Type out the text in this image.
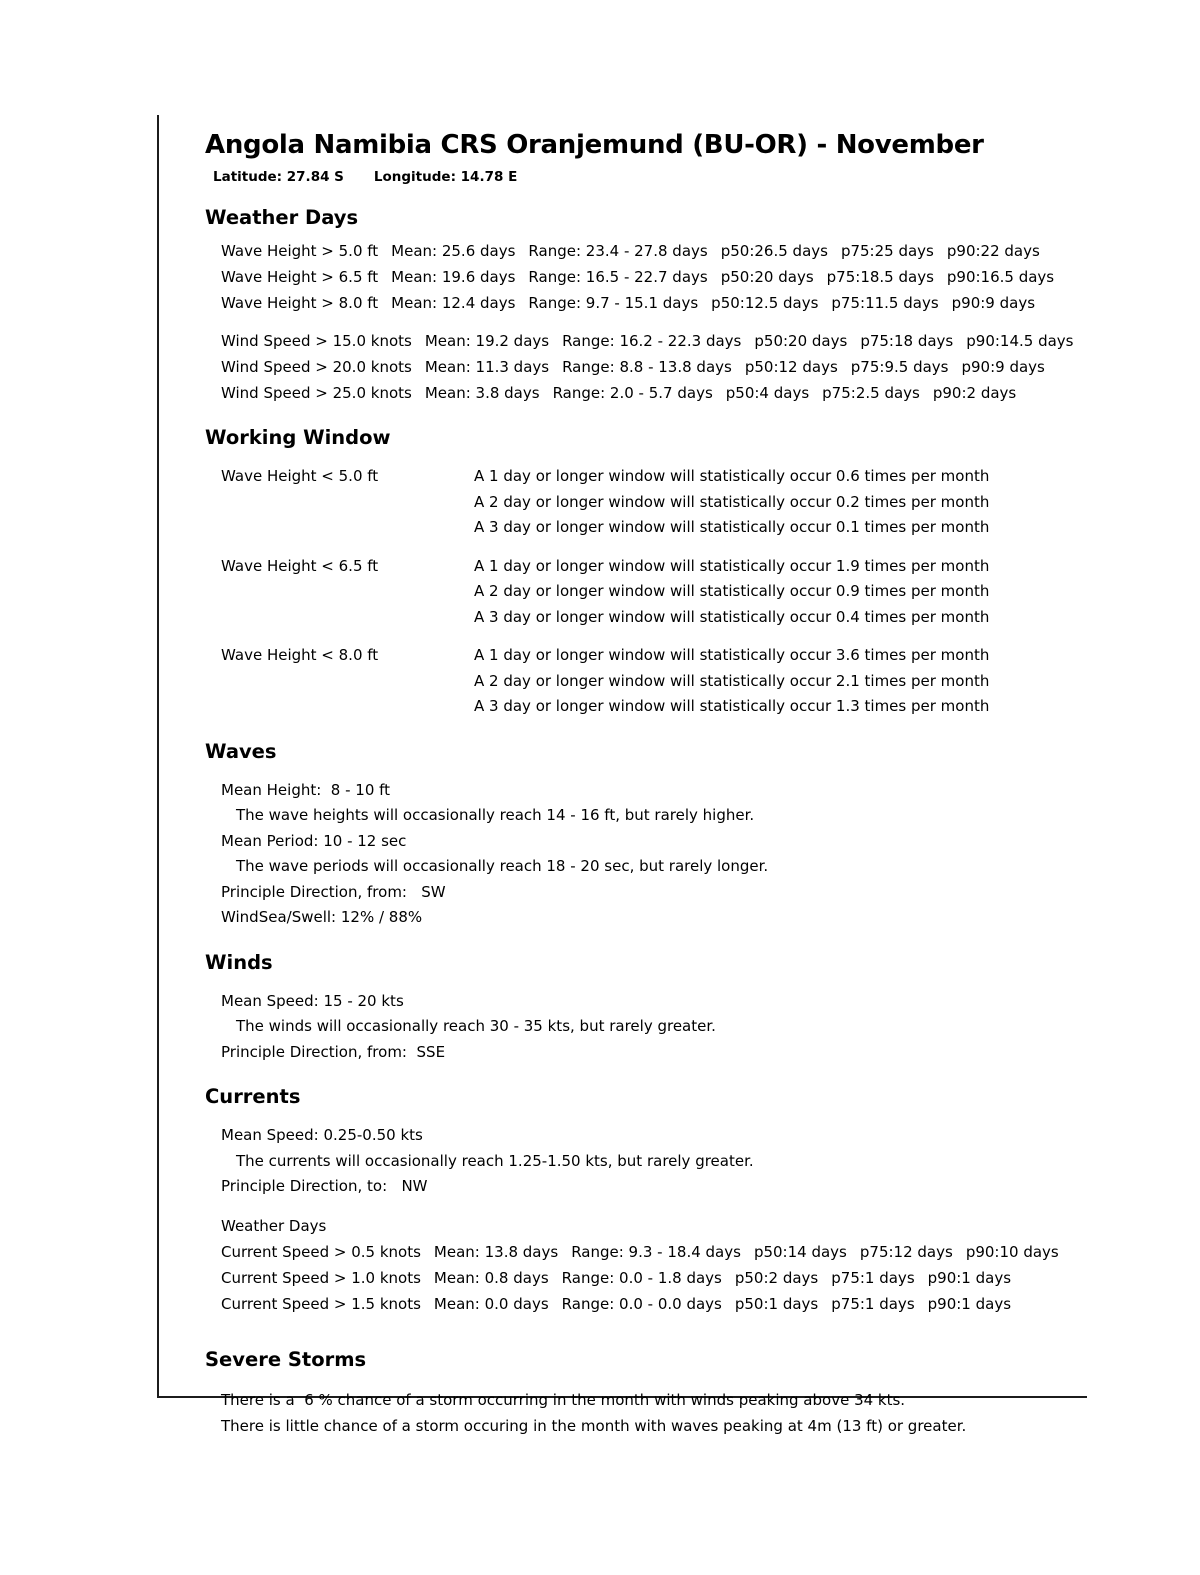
Angola Namibia CRS Oranjemund (BU-OR) - November
Latitude: 27.84 S Longitude: 14.78 E
Weather Days
Wave Height > 5.0 ft Mean: 25.6 days Range: 23.4 - 27.8 days p50:26.5 days p75:25 days p90:22 days
Wave Height > 6.5 ft Mean: 19.6 days Range: 16.5 - 22.7 days p50:20 days p75:18.5 days p90:16.5 days
Wave Height > 8.0 ft Mean: 12.4 days Range: 9.7 - 15.1 days p50:12.5 days p75:11.5 days p90:9 days
Wind Speed > 15.0 knots Mean: 19.2 days Range: 16.2 - 22.3 days p50:20 days p75:18 days p90:14.5 days
Wind Speed > 20.0 knots Mean: 11.3 days Range: 8.8 - 13.8 days p50:12 days p75:9.5 days p90:9 days
Wind Speed > 25.0 knots Mean: 3.8 days Range: 2.0 - 5.7 days p50:4 days p75:2.5 days p90:2 days
Working Window
Wave Height < 5.0 ft	A 1 day or longer window will statistically occur 0.6 times per month
A 2 day or longer window will statistically occur 0.2 times per month
A 3 day or longer window will statistically occur 0.1 times per month
Wave Height < 6.5 ft	A 1 day or longer window will statistically occur 1.9 times per month
A 2 day or longer window will statistically occur 0.9 times per month
A 3 day or longer window will statistically occur 0.4 times per month
Wave Height < 8.0 ft	A 1 day or longer window will statistically occur 3.6 times per month
A 2 day or longer window will statistically occur 2.1 times per month
A 3 day or longer window will statistically occur 1.3 times per month
Waves
Mean Height:  8 - 10 ft
The wave heights will occasionally reach 14 - 16 ft, but rarely higher.
Mean Period: 10 - 12 sec
The wave periods will occasionally reach 18 - 20 sec, but rarely longer.
Principle Direction, from:   SW
WindSea/Swell: 12% / 88%
Winds
Mean Speed: 15 - 20 kts
The winds will occasionally reach 30 - 35 kts, but rarely greater.
Principle Direction, from:  SSE
Currents
Mean Speed: 0.25-0.50 kts
The currents will occasionally reach 1.25-1.50 kts, but rarely greater.
Principle Direction, to:   NW
Weather Days
Current Speed > 0.5 knots Mean: 13.8 days Range: 9.3 - 18.4 days p50:14 days p75:12 days p90:10 days
Current Speed > 1.0 knots Mean: 0.8 days Range: 0.0 - 1.8 days p50:2 days p75:1 days p90:1 days
Current Speed > 1.5 knots Mean: 0.0 days Range: 0.0 - 0.0 days p50:1 days p75:1 days p90:1 days
Severe Storms
There is a  6 % chance of a storm occurring in the month with winds peaking above 34 kts.
There is little chance of a storm occuring in the month with waves peaking at 4m (13 ft) or greater.
